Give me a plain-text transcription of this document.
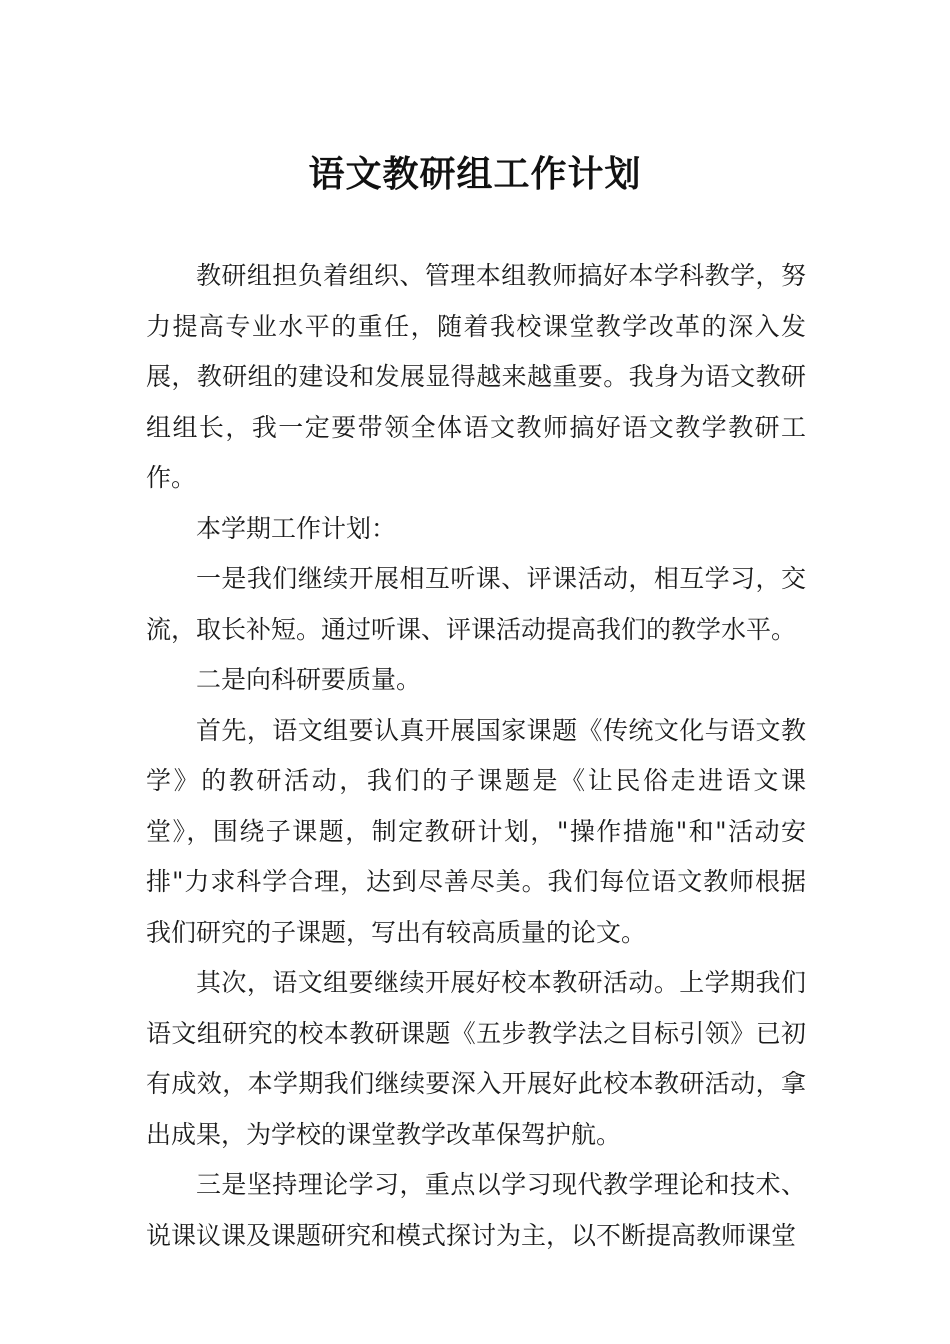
语文教研组工作计划

教研组担负着组织、管理本组教师搞好本学科教学，努力提高专业水平的重任，随着我校课堂教学改革的深入发展，教研组的建设和发展显得越来越重要。我身为语文教研组组长，我一定要带领全体语文教师搞好语文教学教研工作。

本学期工作计划：

一是我们继续开展相互听课、评课活动，相互学习，交流，取长补短。通过听课、评课活动提高我们的教学水平。

二是向科研要质量。

首先，语文组要认真开展国家课题《传统文化与语文教学》的教研活动，我们的子课题是《让民俗走进语文课堂》，围绕子课题，制定教研计划，"操作措施"和"活动安排"力求科学合理，达到尽善尽美。我们每位语文教师根据我们研究的子课题，写出有较高质量的论文。

其次，语文组要继续开展好校本教研活动。上学期我们语文组研究的校本教研课题《五步教学法之目标引领》已初有成效，本学期我们继续要深入开展好此校本教研活动，拿出成果，为学校的课堂教学改革保驾护航。

三是坚持理论学习，重点以学习现代教学理论和技术、说课议课及课题研究和模式探讨为主，以不断提高教师课堂
